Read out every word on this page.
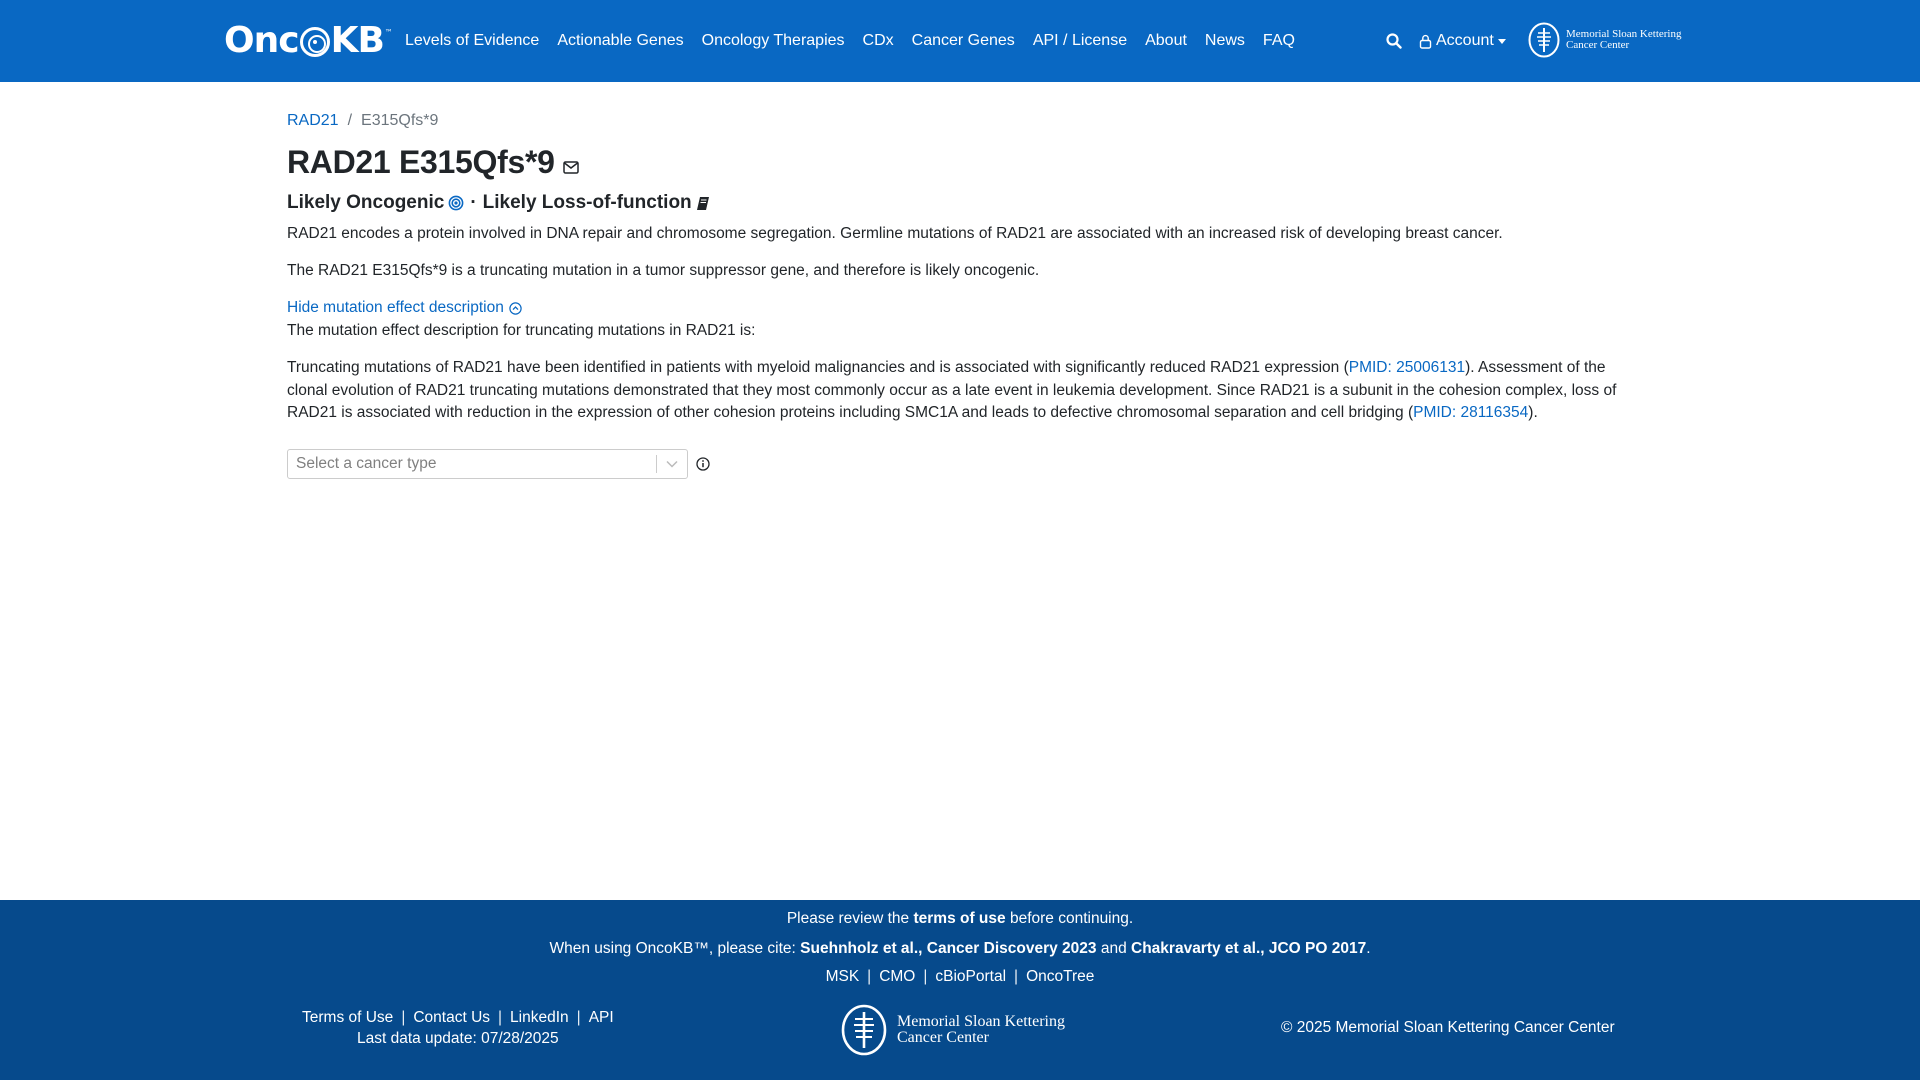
Onc KB ™ Levels of Evidence Actionable Genes Oncology Therapies CDx Cancer Genes API / License About News FAQ	Account	Memorial Sloan Kettering
Cancer Center
RAD21 / E315Qfs*9
RAD21 E315Qfs*9
Likely Oncogenic · Likely Loss-of-function

RAD21 encodes a protein involved in DNA repair and chromosome segregation. Germline mutations of RAD21 are associated with an increased risk of developing breast cancer.

The RAD21 E315Qfs*9 is a truncating mutation in a tumor suppressor gene, and therefore is likely oncogenic.

Hide mutation effect description

The mutation effect description for truncating mutations in RAD21 is:

Truncating mutations of RAD21 have been identified in patients with myeloid malignancies and is associated with significantly reduced RAD21 expression (PMID: 25006131). Assessment of the clonal evolution of RAD21 truncating mutations demonstrated that they most commonly occur as a late event in leukemia development. Since RAD21 is a subunit in the cohesion complex, loss of RAD21 is associated with reduction in the expression of other cohesion proteins including SMC1A and leads to defective chromosomal separation and cell bridging (PMID: 28116354).

Select a cancer type
Please review the terms of use before continuing.
When using OncoKB™, please cite: Suehnholz et al., Cancer Discovery 2023 and Chakravarty et al., JCO PO 2017.
MSK | CMO | cBioPortal | OncoTree
Terms of Use | Contact Us | LinkedIn | API
Last data update: 07/28/2025
Memorial Sloan Kettering
Cancer Center
© 2025 Memorial Sloan Kettering Cancer Center
